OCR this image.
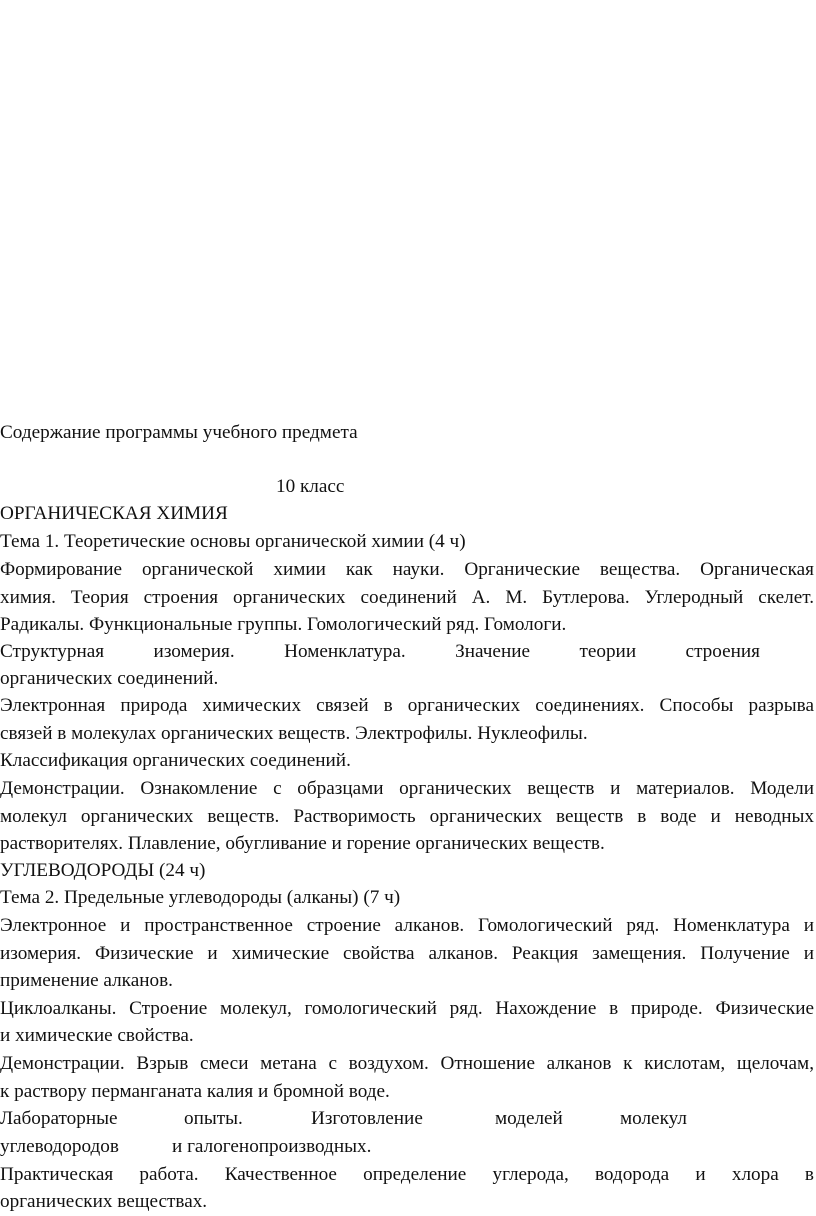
Содержание программы учебного предмета
10 класс
ОРГАНИЧЕСКАЯ ХИМИЯ
Тема 1. Теоретические основы органической химии (4 ч)
Формирование органической химии как науки. Органические вещества. Органическая
химия. Теория строения органических соединений А. М. Бутлерова. Углеродный скелет.
Радикалы. Функциональные группы. Гомологический ряд. Гомологи.
Структурная изомерия. Номенклатура. Значение теории строения
органических соединений.
Электронная природа химических связей в органических соединениях. Способы разрыва
связей в молекулах органических веществ. Электрофилы. Нуклеофилы.
Классификация органических соединений.
Демонстрации. Ознакомление с образцами органических веществ и материалов. Модели
молекул органических веществ. Растворимость органических веществ в воде и неводных
растворителях. Плавление, обугливание и горение органических веществ.
УГЛЕВОДОРОДЫ (24 ч)
Тема 2. Предельные углеводороды (алканы) (7 ч)
Электронное и пространственное строение алканов. Гомологический ряд. Номенклатура и
изомерия. Физические и химические свойства алканов. Реакция замещения. Получение и
применение алканов.
Циклоалканы. Строение молекул, гомологический ряд. Нахождение в природе. Физические
и химические свойства.
Демонстрации. Взрыв смеси метана с воздухом. Отношение алканов к кислотам, щелочам,
к раствору перманганата калия и бромной воде.
Лабораторные	опыты.	Изготовление	моделей	молекул
углеводородов	и галогенопроизводных.
Практическая работа. Качественное определение углерода, водорода и хлора в
органических веществах.
